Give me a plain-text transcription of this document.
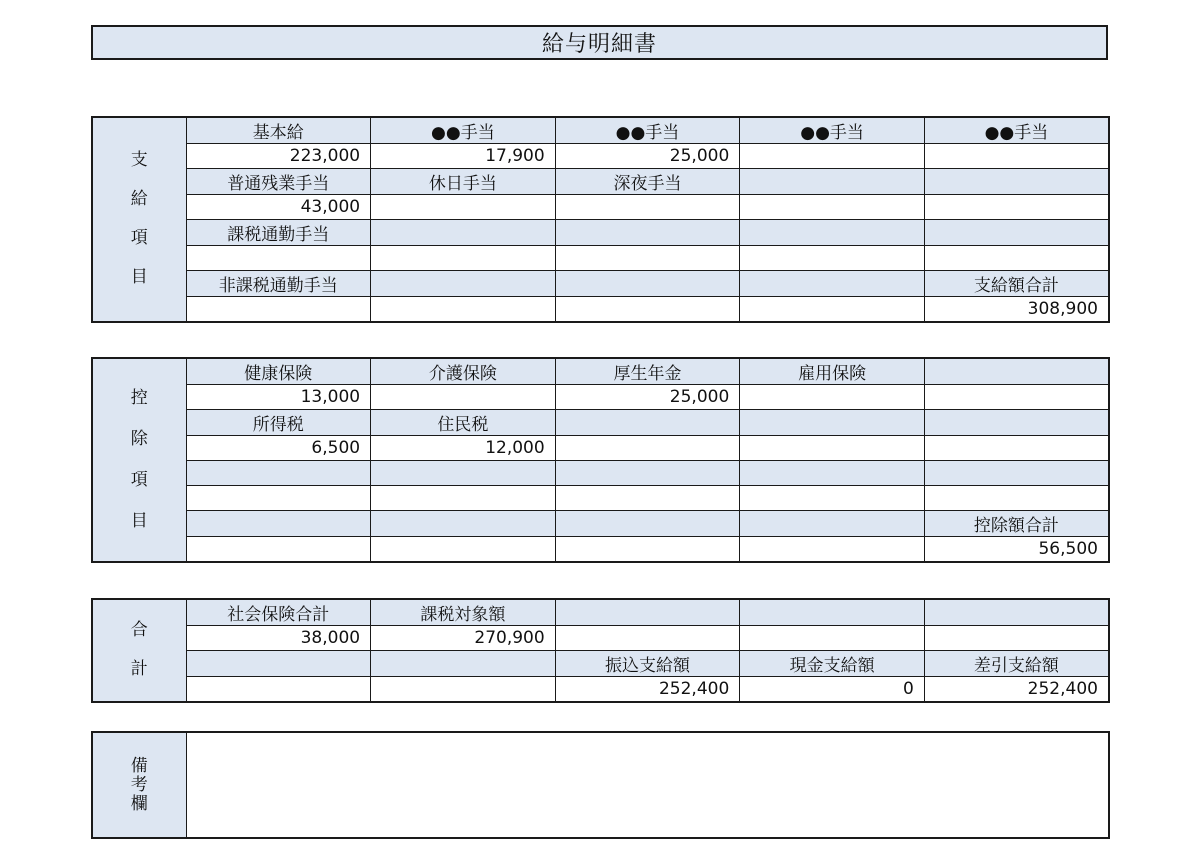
給与明細書
支
給
項
目	基本給	●●手当	●●手当	●●手当	●●手当
	223,000	17,900	25,000		
	普通残業手当	休日手当	深夜手当		
	43,000				
	課税通勤手当				

	非課税通勤手当				支給額合計
					308,900
控
除
項
目	健康保険	介護保険	厚生年金	雇用保険	
	13,000		25,000		
	所得税	住民税			
	6,500	12,000			

					控除額合計
					56,500
合
計	社会保険合計	課税対象額			
	38,000	270,900			
			振込支給額	現金支給額	差引支給額
			252,400	0	252,400
備
考
欄
